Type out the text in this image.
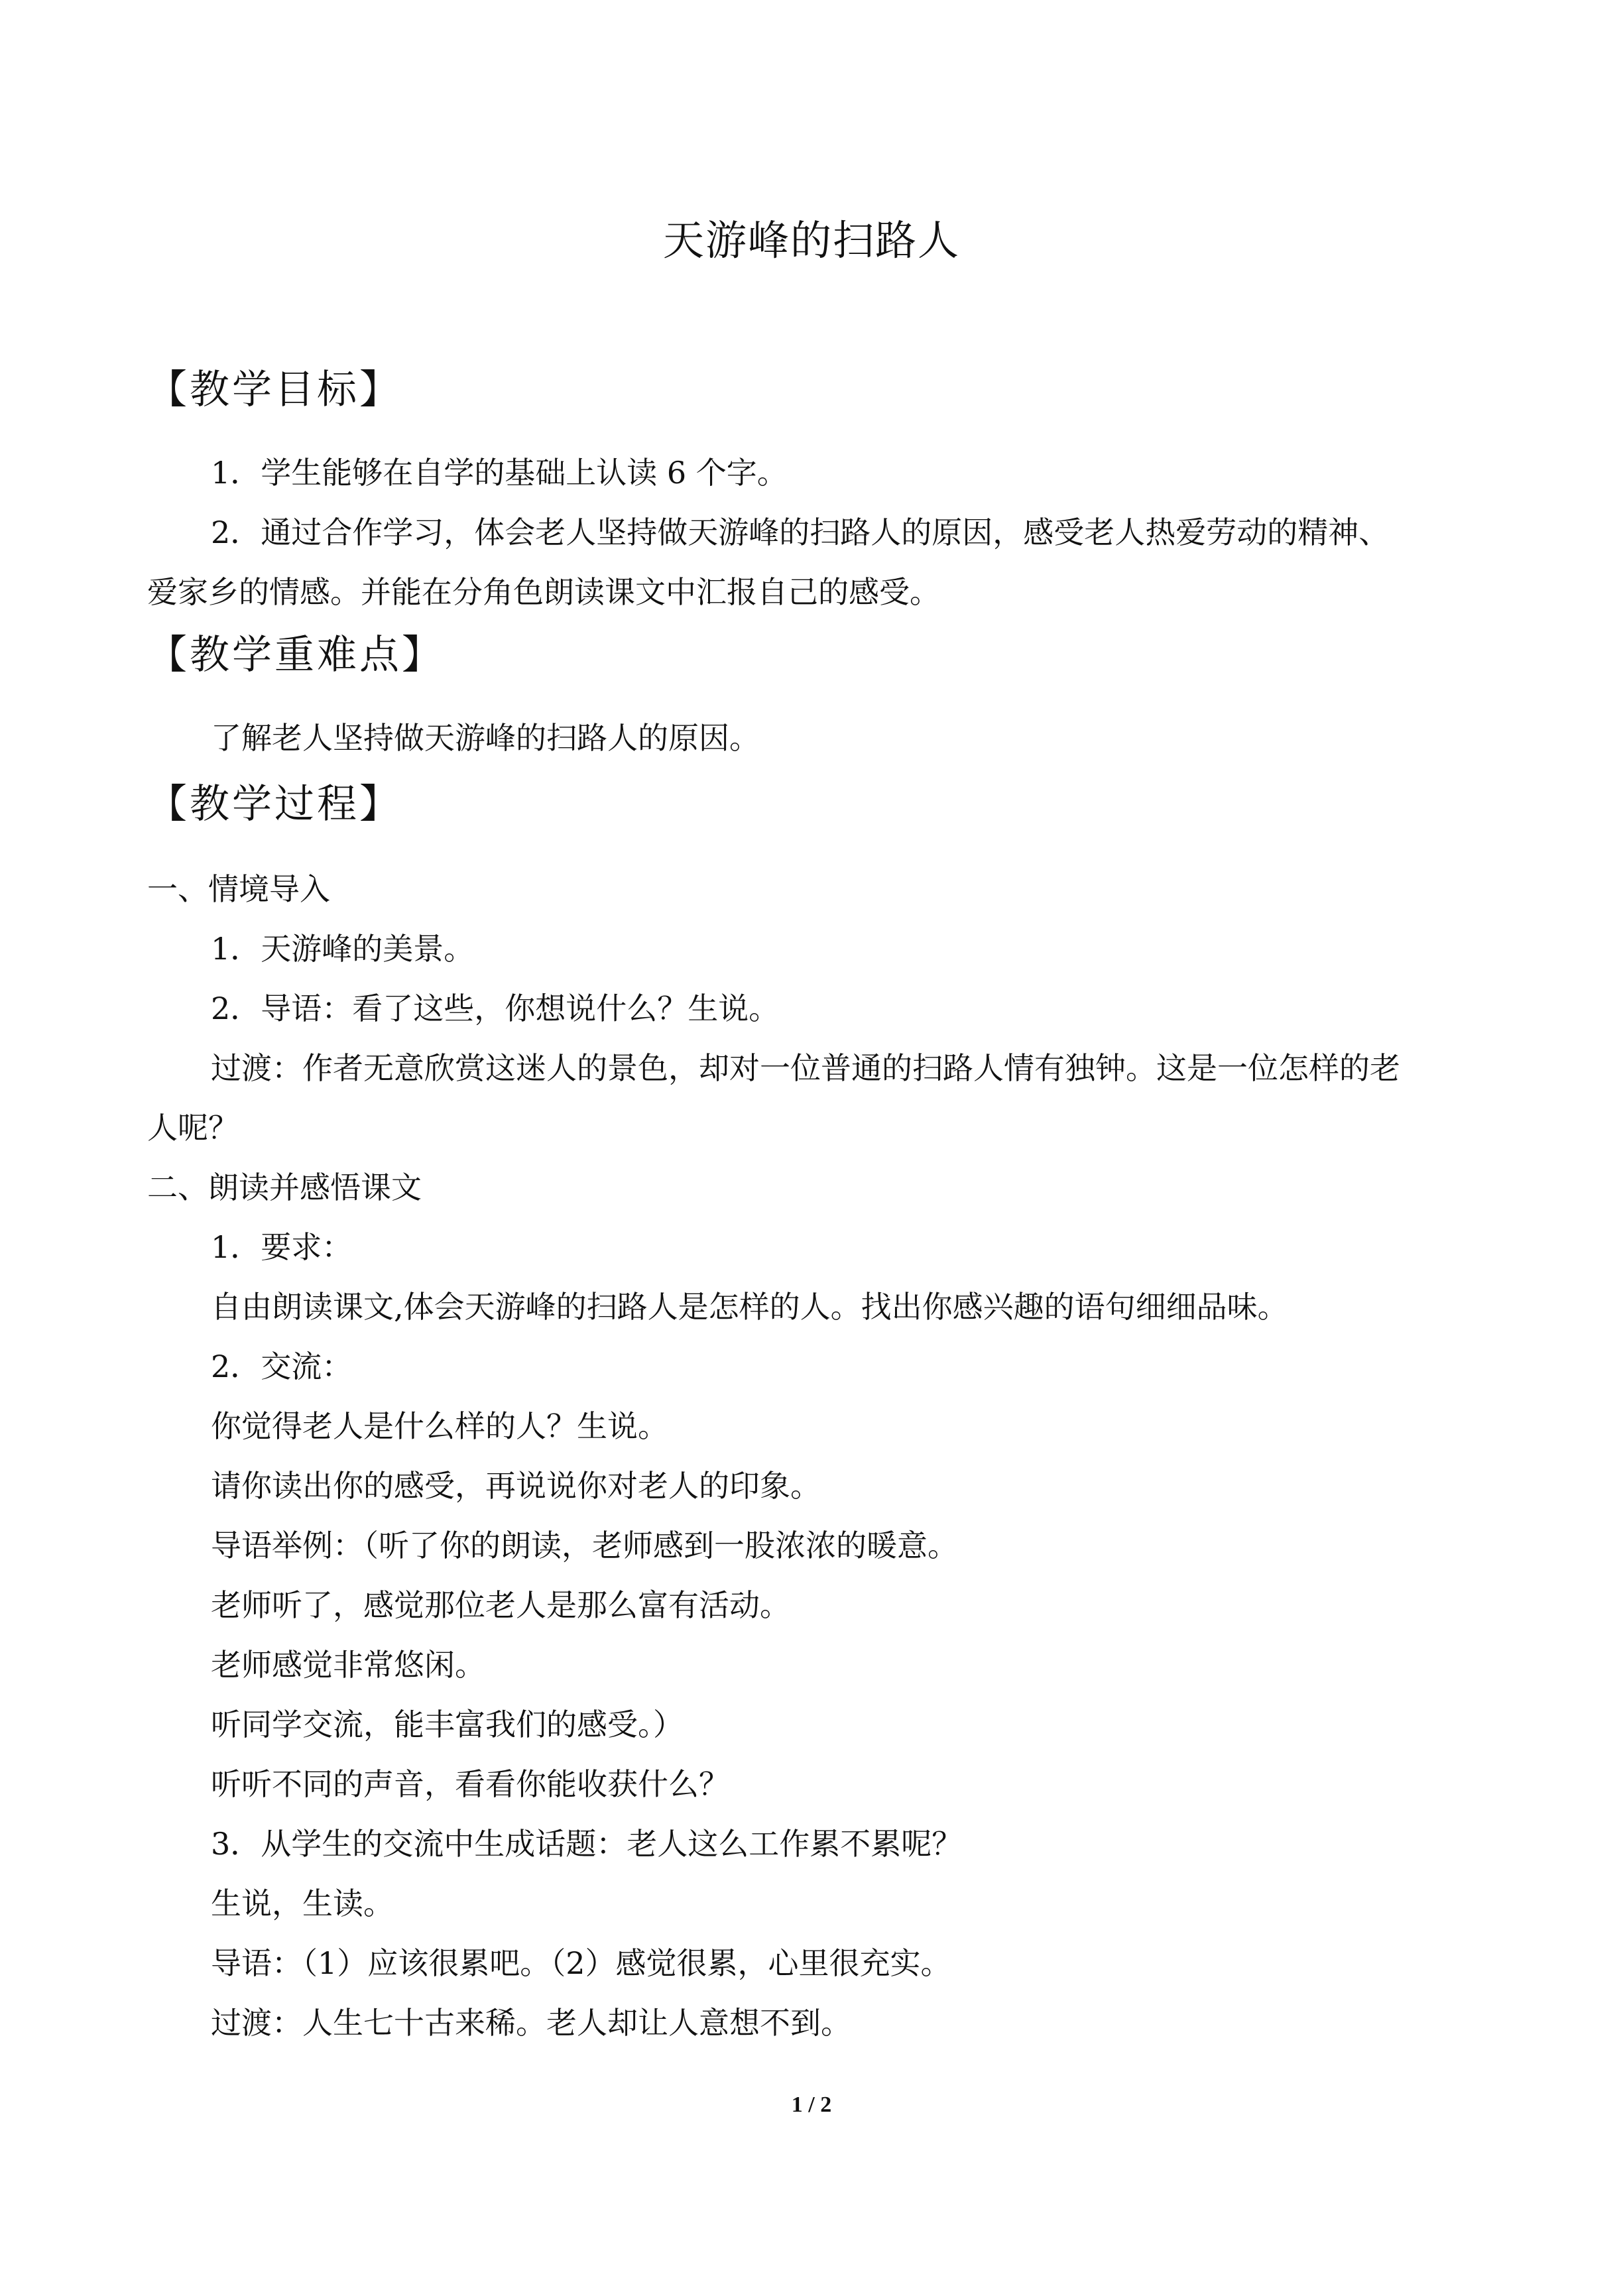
天游峰的扫路人
【教学目标】
1．学生能够在自学的基础上认读 6 个字。
2．通过合作学习，体会老人坚持做天游峰的扫路人的原因，感受老人热爱劳动的精神、
爱家乡的情感。并能在分角色朗读课文中汇报自己的感受。
【教学重难点】
了解老人坚持做天游峰的扫路人的原因。
【教学过程】
一、情境导入
1．天游峰的美景。
2．导语：看了这些，你想说什么？生说。
过渡：作者无意欣赏这迷人的景色，却对一位普通的扫路人情有独钟。这是一位怎样的老
人呢？
二、朗读并感悟课文
1．要求：
自由朗读课文,体会天游峰的扫路人是怎样的人。找出你感兴趣的语句细细品味。
2．交流：
你觉得老人是什么样的人？生说。
请你读出你的感受，再说说你对老人的印象。
导语举例：（听了你的朗读，老师感到一股浓浓的暖意。
老师听了，感觉那位老人是那么富有活动。
老师感觉非常悠闲。
听同学交流，能丰富我们的感受。）
听听不同的声音，看看你能收获什么？
3．从学生的交流中生成话题：老人这么工作累不累呢？
生说，生读。
导语：（1）应该很累吧。（2）感觉很累，心里很充实。
过渡：人生七十古来稀。老人却让人意想不到。
1 / 2
